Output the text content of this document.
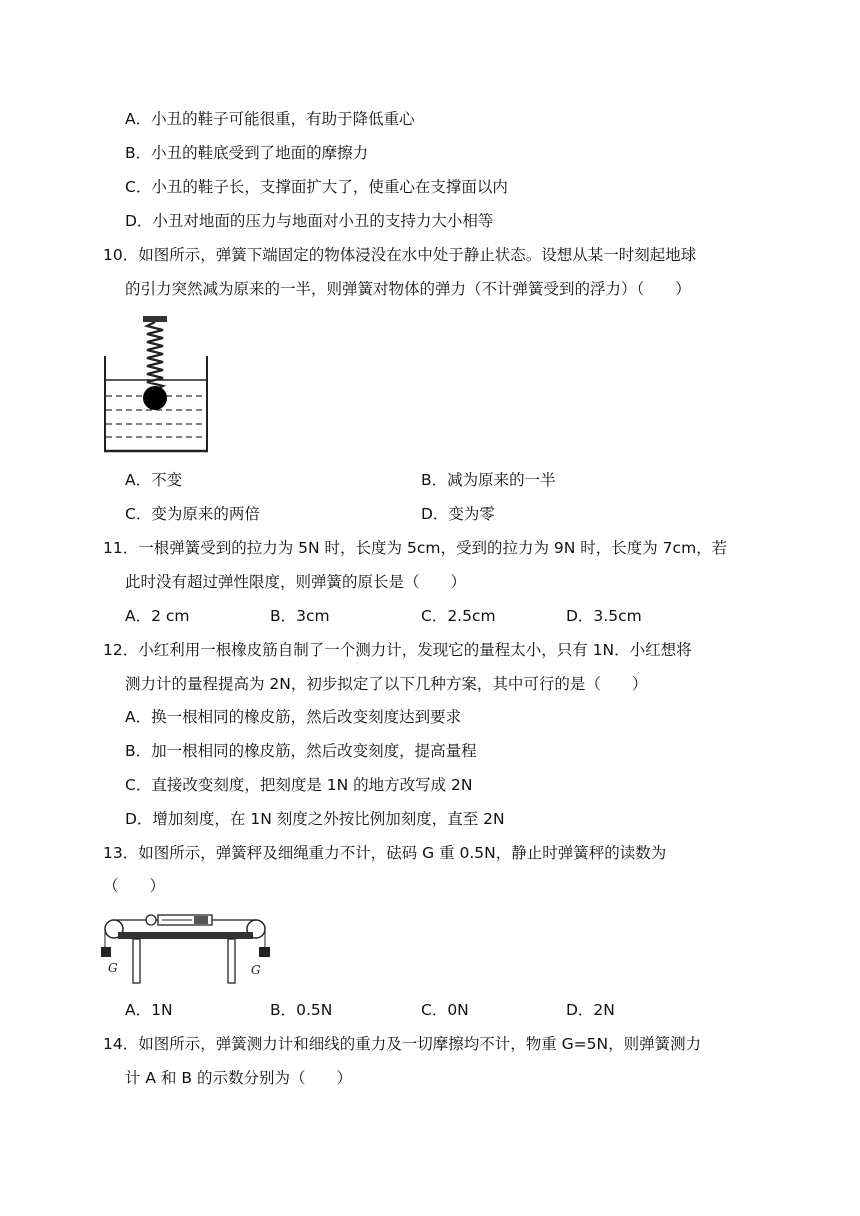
A．小丑的鞋子可能很重，有助于降低重心
B．小丑的鞋底受到了地面的摩擦力
C．小丑的鞋子长，支撑面扩大了，使重心在支撑面以内
D．小丑对地面的压力与地面对小丑的支持力大小相等
10．如图所示，弹簧下端固定的物体浸没在水中处于静止状态。设想从某一时刻起地球
的引力突然减为原来的一半，则弹簧对物体的弹力（不计弹簧受到的浮力）（　　）
A．不变	B．减为原来的一半
C．变为原来的两倍	D．变为零
11．一根弹簧受到的拉力为 5N 时，长度为 5cm，受到的拉力为 9N 时，长度为 7cm，若
此时没有超过弹性限度，则弹簧的原长是（　　）
A．2 cm	B．3cm	C．2.5cm	D．3.5cm
12．小红利用一根橡皮筋自制了一个测力计，发现它的量程太小，只有 1N．小红想将
测力计的量程提高为 2N，初步拟定了以下几种方案，其中可行的是（　　）
A．换一根相同的橡皮筋，然后改变刻度达到要求
B．加一根相同的橡皮筋，然后改变刻度，提高量程
C．直接改变刻度，把刻度是 1N 的地方改写成 2N
D．增加刻度，在 1N 刻度之外按比例加刻度，直至 2N
13．如图所示，弹簧秤及细绳重力不计，砝码 G 重 0.5N，静止时弹簧秤的读数为
（　　）
G	G
A．1N	B．0.5N	C．0N	D．2N
14．如图所示，弹簧测力计和细线的重力及一切摩擦均不计，物重 G=5N，则弹簧测力
计 A 和 B 的示数分别为（　　）
